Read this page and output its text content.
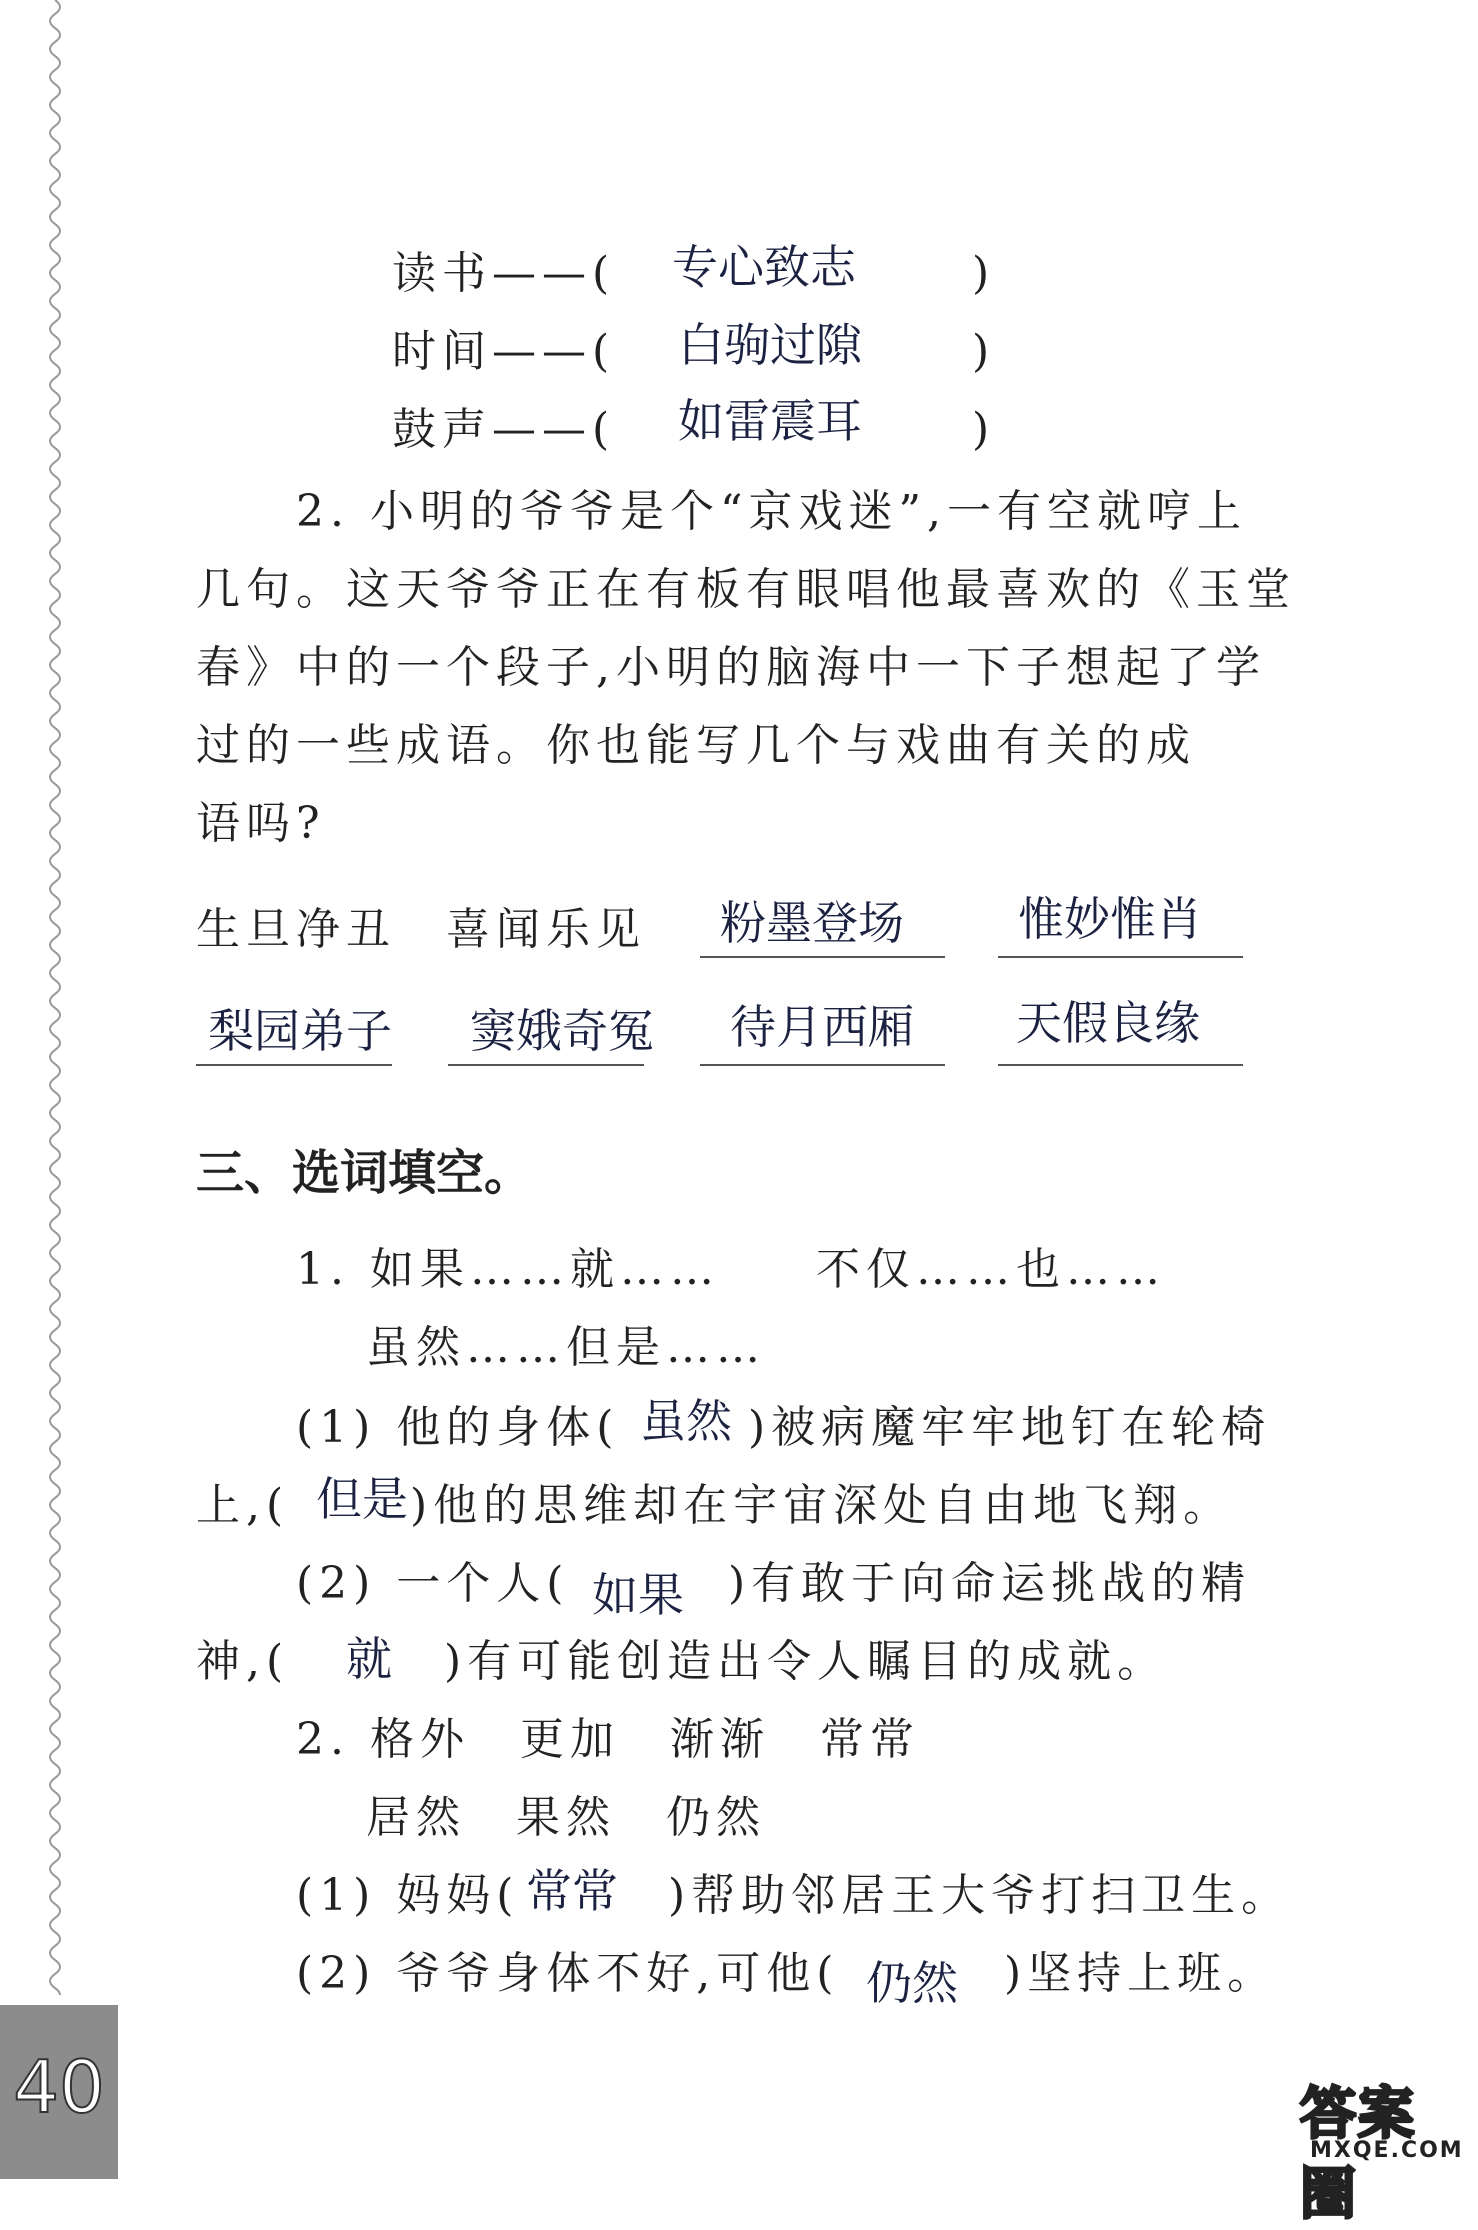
读书——( 专心致志	)
时间——( 白驹过隙	)
鼓声——( 如雷震耳	)
2. 小明的爷爷是个“京戏迷”,一有空就哼上
几句。这天爷爷正在有板有眼唱他最喜欢的《玉堂
春》中的一个段子,小明的脑海中一下子想起了学
过的一些成语。你也能写几个与戏曲有关的成
语吗?
生旦净丑 喜闻乐见 粉墨登场 惟妙惟肖
梨园弟子 窦娥奇冤 待月西厢 天假良缘
三、选词填空。
1. 如果……就…… 不仅……也……
虽然……但是……
(1) 他的身体( 虽然 )被病魔牢牢地钉在轮椅
上,( 但是 )他的思维却在宇宙深处自由地飞翔。
(2) 一个人( 如果 )有敢于向命运挑战的精
神,( 就 )有可能创造出令人瞩目的成就。
2. 格外　更加　渐渐　常常
居然　果然　仍然
(1) 妈妈( 常常 )帮助邻居王大爷打扫卫生。
(2) 爷爷身体不好,可他( 仍然 )坚持上班。
40	答案圈
MXQE.COM
